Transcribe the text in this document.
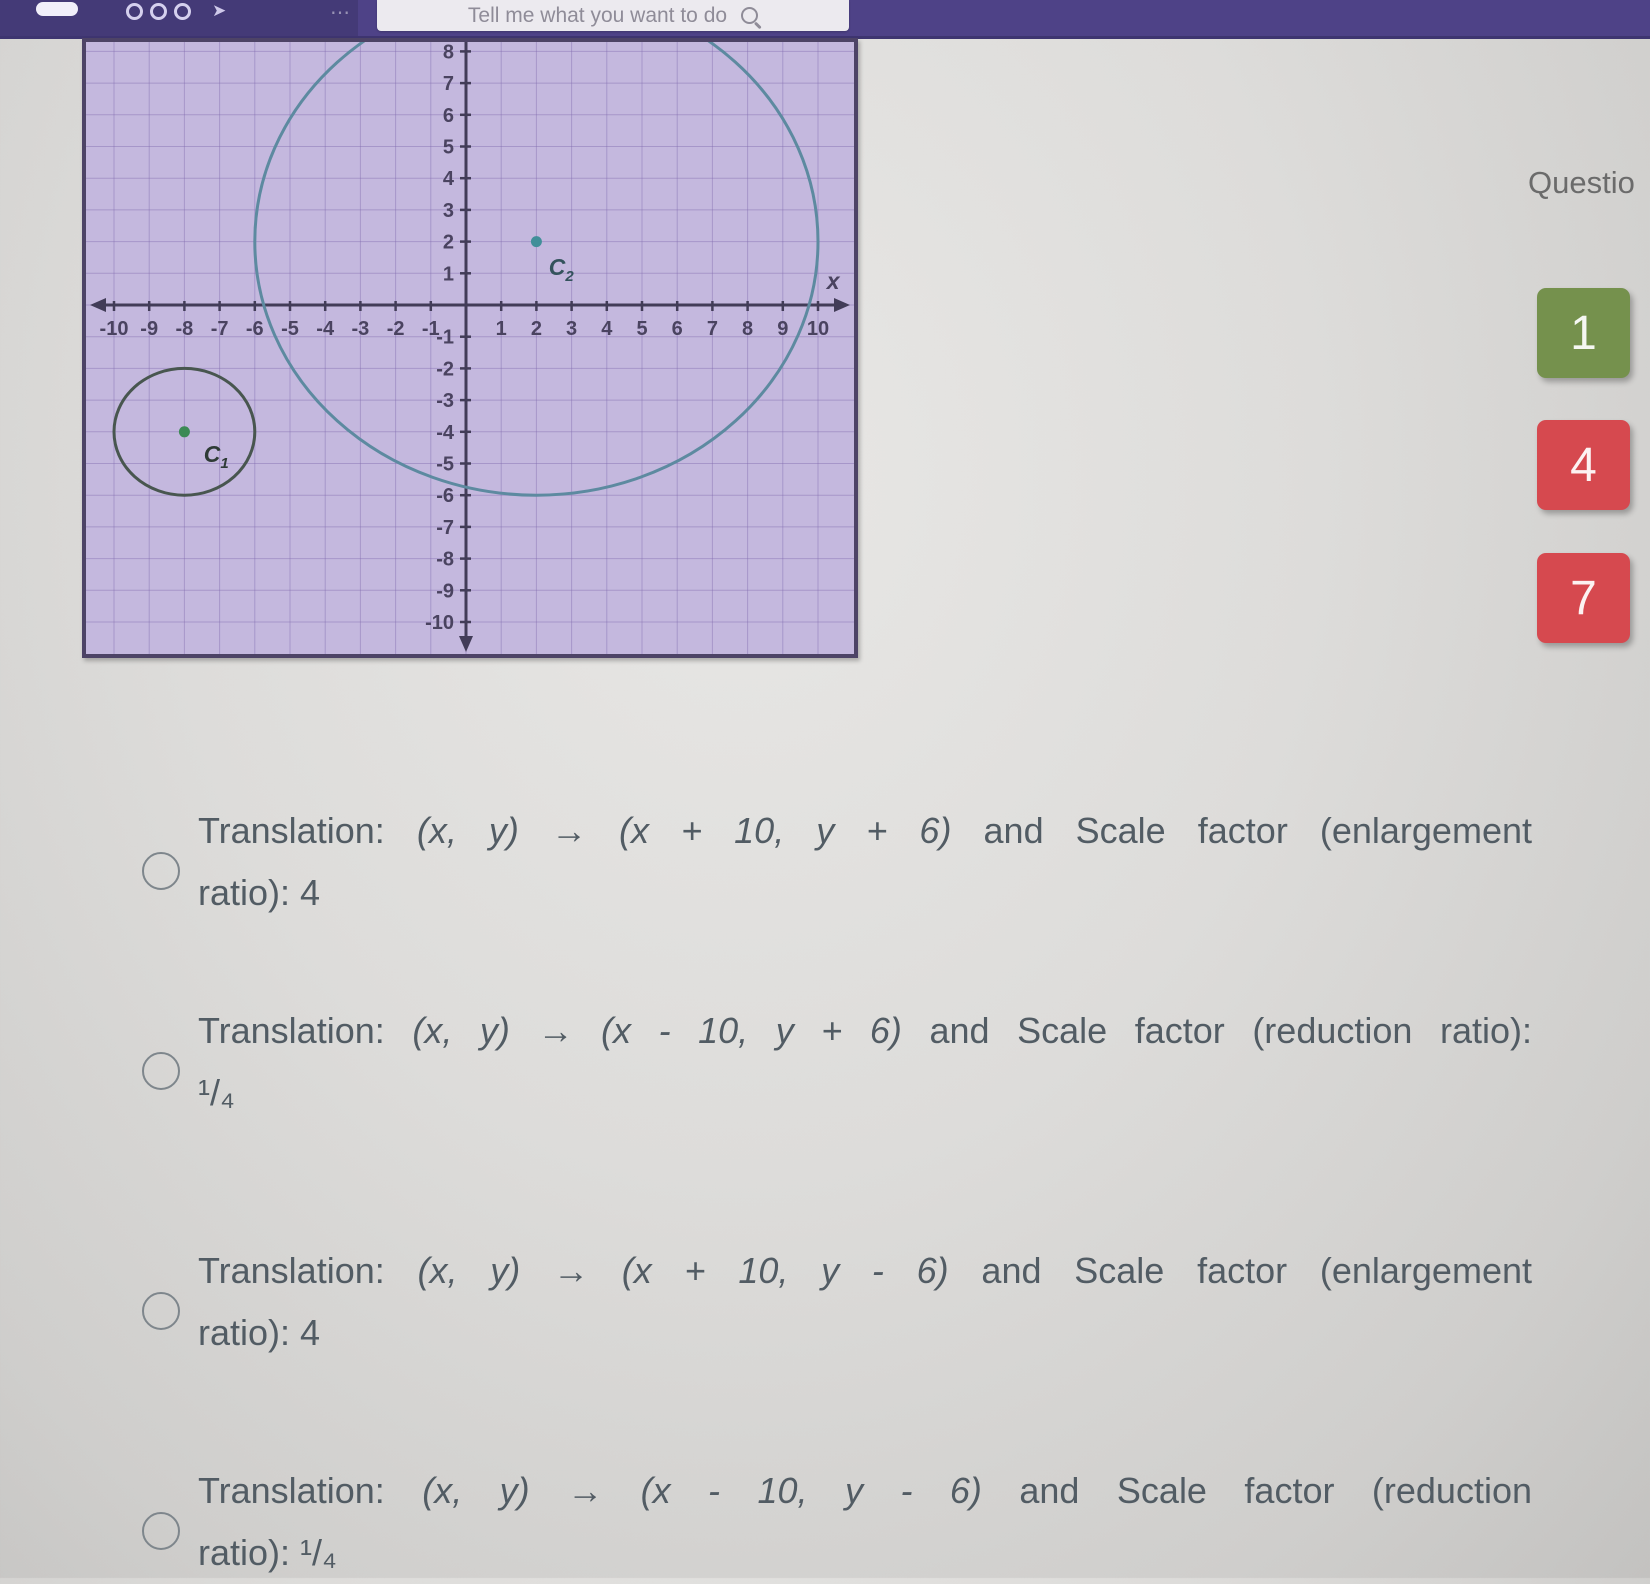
➤	⋯	Tell me what you want to do
-10 -9 -8 -7 -6 -5 -4 -3 -2 -1	1 2 3 4 5 6 7 8 9 10
8
7
6
5
4
3
2
1
-1
-2
-3
-4
-5
-6
-7
-8
-9
-10
x
$C_2$
$C_1$
Questio
1
4
7
Translation: (x, y) → (x + 10, y + 6) and Scale factor (enlargement
ratio): 4
Translation: (x, y) → (x - 10, y + 6) and Scale factor (reduction ratio):
¹/₄
Translation: (x, y) → (x + 10, y - 6) and Scale factor (enlargement
ratio): 4
Translation: (x, y) → (x - 10, y - 6) and Scale factor (reduction
ratio): ¹/₄
